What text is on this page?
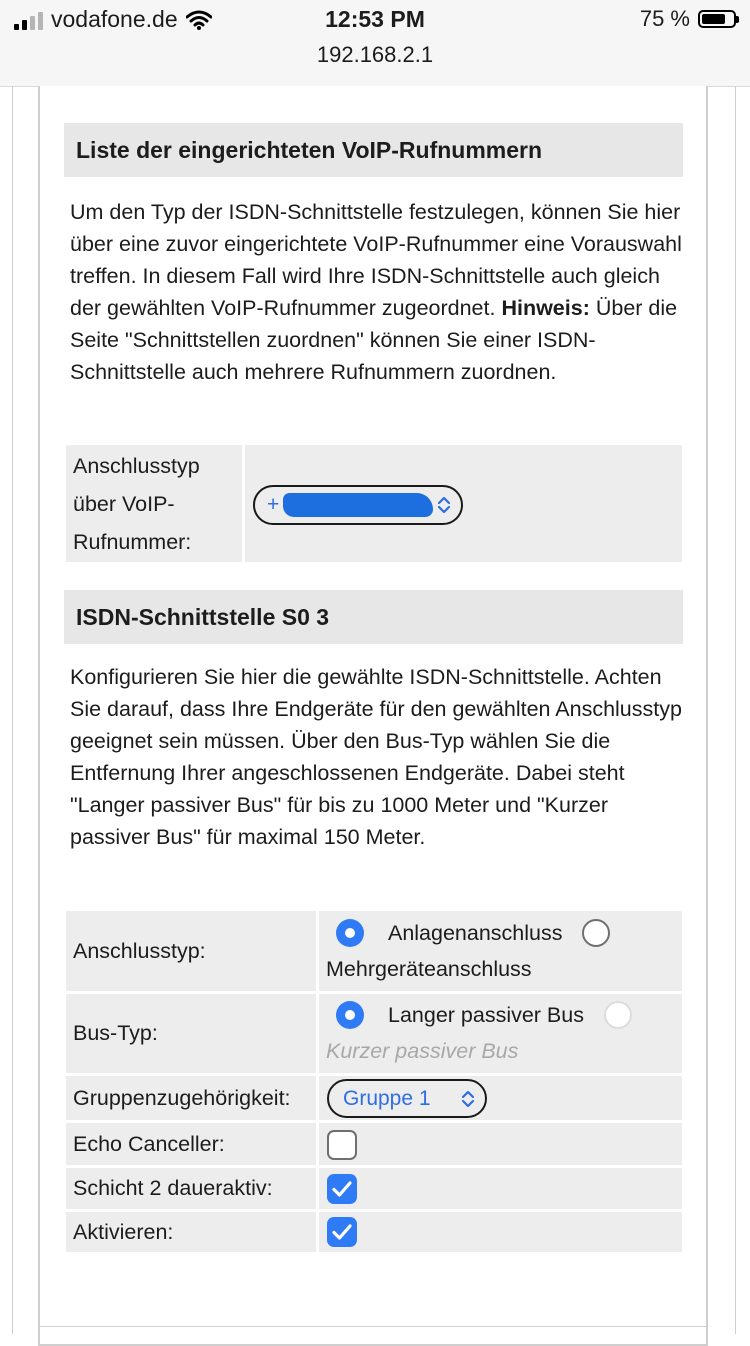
vodafone.de	12:53 PM
192.168.2.1
75 %
Liste der eingerichteten VoIP-Rufnummern
Um den Typ der ISDN-Schnittstelle festzulegen, können Sie hier über eine zuvor eingerichtete VoIP-Rufnummer eine Vorauswahl treffen. In diesem Fall wird Ihre ISDN-Schnittstelle auch gleich der gewählten VoIP-Rufnummer zugeordnet. Hinweis: Über die Seite "Schnittstellen zuordnen" können Sie einer ISDN-Schnittstelle auch mehrere Rufnummern zuordnen.
Anschlusstyp über VoIP-Rufnummer:
+
ISDN-Schnittstelle S0 3
Konfigurieren Sie hier die gewählte ISDN-Schnittstelle. Achten Sie darauf, dass Ihre Endgeräte für den gewählten Anschlusstyp geeignet sein müssen. Über den Bus-Typ wählen Sie die Entfernung Ihrer angeschlossenen Endgeräte. Dabei steht "Langer passiver Bus" für bis zu 1000 Meter und "Kurzer passiver Bus" für maximal 150 Meter.
Anschlusstyp:
Anlagenanschluss
Mehrgeräteanschluss
Bus-Typ:
Langer passiver Bus
Kurzer passiver Bus
Gruppenzugehörigkeit:	Gruppe 1
Echo Canceller:
Schicht 2 daueraktiv:
Aktivieren:
